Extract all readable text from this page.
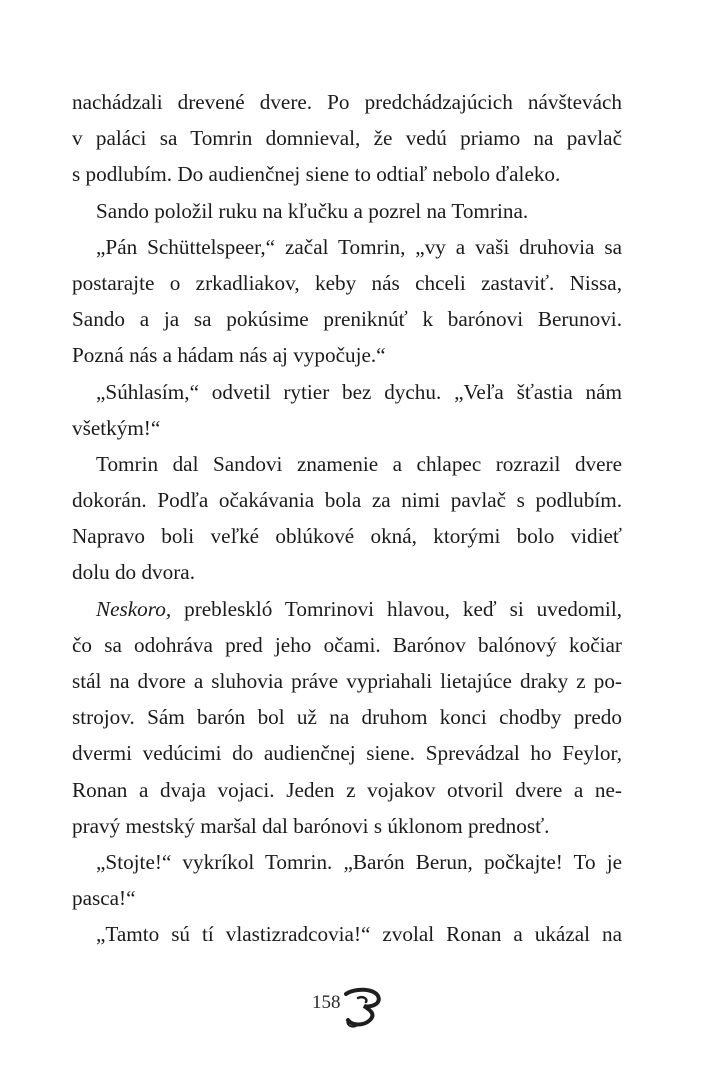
nachádzali drevené dvere. Po predchádzajúcich návštevách
v paláci sa Tomrin domnieval, že vedú priamo na pavlač
s podlubím. Do audienčnej siene to odtiaľ nebolo ďaleko.
Sando položil ruku na kľučku a pozrel na Tomrina.
„Pán Schüttelspeer,“ začal Tomrin, „vy a vaši druhovia sa
postarajte o zrkadliakov, keby nás chceli zastaviť. Nissa,
Sando a ja sa pokúsime preniknúť k barónovi Berunovi.
Pozná nás a hádam nás aj vypočuje.“
„Súhlasím,“ odvetil rytier bez dychu. „Veľa šťastia nám
všetkým!“
Tomrin dal Sandovi znamenie a chlapec rozrazil dvere
dokorán. Podľa očakávania bola za nimi pavlač s podlubím.
Napravo boli veľké oblúkové okná, ktorými bolo vidieť
dolu do dvora.
Neskoro, prebleskló Tomrinovi hlavou, keď si uvedomil,
čo sa odohráva pred jeho očami. Barónov balónový kočiar
stál na dvore a sluhovia práve vypriahali lietajúce draky z po-
strojov. Sám barón bol už na druhom konci chodby predo
dvermi vedúcimi do audienčnej siene. Sprevádzal ho Feylor,
Ronan a dvaja vojaci. Jeden z vojakov otvoril dvere a ne-
pravý mestský maršal dal barónovi s úklonom prednosť.
„Stojte!“ vykríkol Tomrin. „Barón Berun, počkajte! To je
pasca!“
„Tamto sú tí vlastizradcovia!“ zvolal Ronan a ukázal na
158
